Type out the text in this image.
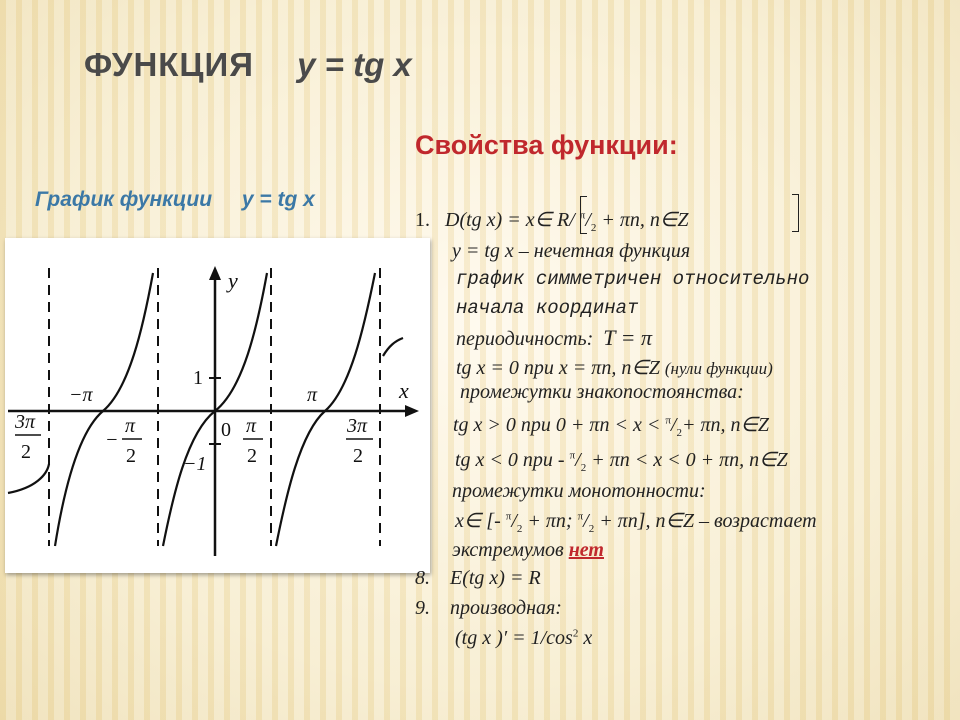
ФУНКЦИЯ y = tg x
Свойства функции:
График функции y = tg x
y
x
0
1
−1
−π	π
3π
2
−
π
2
π
2
3π
2
1. D(tg x) = x∈ R/ $^\pi/_2 + \pi n$, n∈Z
y = tg x – нечетная функция
график симметричен относительно
начала координат
периодичность: T = π
tg x = 0 при x = πn, n∈Z (нули функции)
промежутки знакопостоянства:
tg x > 0 при $0 + \pi n < x < ^\pi/_2+ \pi n$, n∈Z
tg x < 0 при - $^\pi/_2 + \pi n < x < 0 + \pi n$, n∈Z
промежутки монотонности:
x∈ [- $^\pi/_2 + \pi n$; $^\pi/_2 + \pi n$], n∈Z – возрастает
экстремумов нет
8. E(tg x) = R
9. производная:
(tg x )′ = $1/\cos^2$ x
